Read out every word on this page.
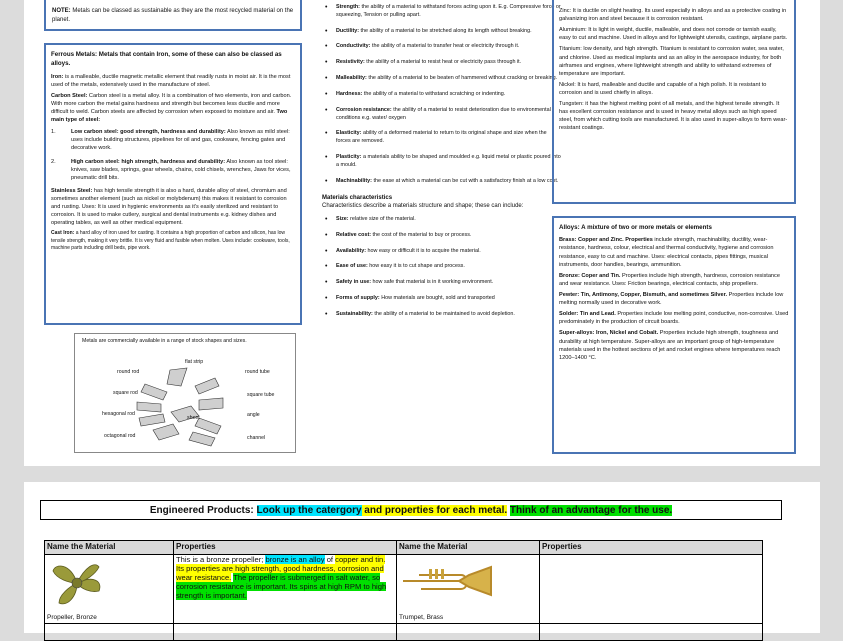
NOTE: Metals can be classed as sustainable as they are the most recycled material on the planet.
Ferrous Metals: Metals that contain Iron, some of these can also be classed as alloys.

Iron: is a malleable, ductile magnetic metallic element that readily rusts in moist air. It is the most used of the metals, extensively used in the manufacture of steel.

Carbon Steel: Carbon steel is a metal alloy. It is a combination of two elements, iron and carbon. With more carbon the metal gains hardness and strength but becomes less ductile and more difficult to weld. Carbon steels are affected by corrosion when exposed to moisture and air. Two main type of steel:

1.	Low carbon steel: good strength, hardness and durability: Also known as mild steel: uses include building structures, pipelines for oil and gas, cookware, fencing gates and decorative work.
2.	High carbon steel: high strength, hardness and durability: Also known as tool steel: knives, saw blades, springs, gear wheels, chains, cold chisels, wrenches, Jaws for vices, pneumatic drill bits.

Stainless Steel: has high tensile strength it is also a hard, durable alloy of steel, chromium and sometimes another element (such as nickel or molybdenum) this makes it resistant to corrosion and rusting. Uses: It is used in hygienic environments as it's easily sterilized and resistant to corrosion. It is used to make cutlery, surgical and dental instruments e.g. kidney dishes and operating tables, as well as other medical equipment.

Cast Iron: a hard alloy of iron used for casting. It contains a high proportion of carbon and silicon, has low tensile strength, making it very brittle. It is very fluid and fusible when molten. Uses include: cookware, tools, machine parts including drill beds, pipe work.

Metals are commercially available in a range of stock shapes and sizes.
flat strip
round rod	round tube
square rod	square tube
hexagonal rod
sheet	angle
octagonal rod	channel
• Strength: the ability of a material to withstand forces acting upon it. E.g. Compressive force or squeezing, Tension or pulling apart.
• Ductility: the ability of a material to be stretched along its length without breaking.
• Conductivity: the ability of a material to transfer heat or electricity through it.
• Resistivity: the ability of a material to resist heat or electricity pass through it.
• Malleability: the ability of a material to be beaten of hammered without cracking or breaking.
• Hardness: the ability of a material to withstand scratching or indenting.
• Corrosion resistance: the ability of a material to resist deterioration due to environmental conditions e.g. water/ oxygen
• Elasticity: ability of a deformed material to return to its original shape and size when the forces are removed.
• Plasticity: a materials ability to be shaped and moulded e.g. liquid metal or plastic poured into a mould.
• Machinability: the ease at which a material can be cut with a satisfactory finish at a low cost.
Materials characteristics
Characteristics describe a materials structure and shape; these can include:
• Size: relative size of the material.
• Relative cost: the cost of the material to buy or process.
• Availability: how easy or difficult it is to acquire the material.
• Ease of use: how easy it is to cut shape and process.
• Safety in use: how safe that material is in it working environment.
• Forms of supply: How materials are bought, sold and transported
• Sustainability: the ability of a material to be maintained to avoid depletion.

Zinc: It is ductile on slight heating. Its used especially in alloys and as a protective coating in galvanizing iron and steel because it is corrosion resistant.

Aluminium: It is light in weight, ductile, malleable, and does not corrode or tarnish easily, easy to cut and machine. Used in alloys and for lightweight utensils, castings, airplane parts.

Titanium: low density, and high strength. Titanium is resistant to corrosion water, sea water, and chlorine. Used as medical implants and as an alloy in the aerospace industry, for both airframes and engines, where lightweight strength and ability to withstand extremes of temperature are important.

Nickel: It is hard, malleable and ductile and capable of a high polish. It is resistant to corrosion and is used chiefly in alloys.

Tungsten: it has the highest melting point of all metals, and the highest tensile strength. It has excellent corrosion resistance and is used in heavy metal alloys such as high speed steel, from which cutting tools are manufactured. It is also used in super-alloys to form wear-resistant coatings.

Alloys: A mixture of two or more metals or elements

Brass: Copper and Zinc. Properties include strength, machinability, ductility, wear-resistance, hardness, colour, electrical and thermal conductivity, hygiene and corrosion resistance, easy to cut and machine. Uses: electrical contacts, pipes fittings, musical instruments, door handles, bearings, ammunition.

Bronze: Coper and Tin. Properties include high strength, hardness, corrosion resistance and wear resistance. Uses: Friction bearings, electrical contacts, ship propellers.

Pewter: Tin, Antimony, Copper, Bismuth, and sometimes Silver. Properties include low melting normally used in decorative work.

Solder: Tin and Lead. Properties include low melting point, conductive, non-corrosive. Used predominately in the production of circuit boards.

Super-alloys: Iron, Nickel and Cobalt. Properties include high strength, toughness and durability at high temperature. Super-alloys are an important group of high-temperature materials used in the hottest sections of jet and rocket engines where temperatures reach 1200–1400 °C.

Engineered Products: Look up the catergory and properties for each metal. Think of an advantage for the use.
Name the Material	Properties	Name the Material	Properties

Propeller, Bronze	This is a bronze propeller; bronze is an alloy of copper and tin. Its properties are high strength, good hardness, corrosion and wear resistance. The propeller is submerged in salt water, so corrosion resistance is important. Its spins at high RPM to high strength is important.	Trumpet, Brass	
